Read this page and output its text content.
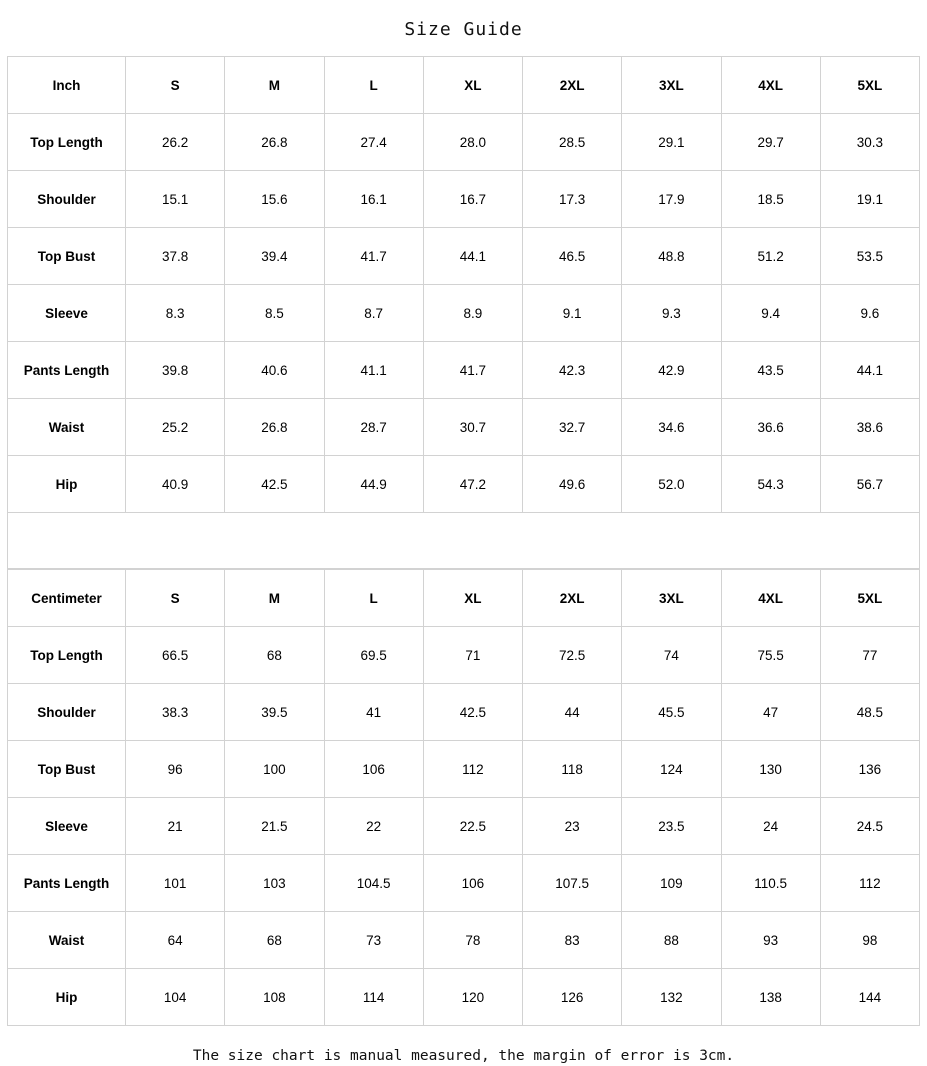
Size Guide
Inch	S	M	L	XL	2XL	3XL	4XL	5XL
Top Length	26.2	26.8	27.4	28.0	28.5	29.1	29.7	30.3
Shoulder	15.1	15.6	16.1	16.7	17.3	17.9	18.5	19.1
Top Bust	37.8	39.4	41.7	44.1	46.5	48.8	51.2	53.5
Sleeve	8.3	8.5	8.7	8.9	9.1	9.3	9.4	9.6
Pants Length	39.8	40.6	41.1	41.7	42.3	42.9	43.5	44.1
Waist	25.2	26.8	28.7	30.7	32.7	34.6	36.6	38.6
Hip	40.9	42.5	44.9	47.2	49.6	52.0	54.3	56.7
Centimeter	S	M	L	XL	2XL	3XL	4XL	5XL
Top Length	66.5	68	69.5	71	72.5	74	75.5	77
Shoulder	38.3	39.5	41	42.5	44	45.5	47	48.5
Top Bust	96	100	106	112	118	124	130	136
Sleeve	21	21.5	22	22.5	23	23.5	24	24.5
Pants Length	101	103	104.5	106	107.5	109	110.5	112
Waist	64	68	73	78	83	88	93	98
Hip	104	108	114	120	126	132	138	144
The size chart is manual measured, the margin of error is 3cm.
